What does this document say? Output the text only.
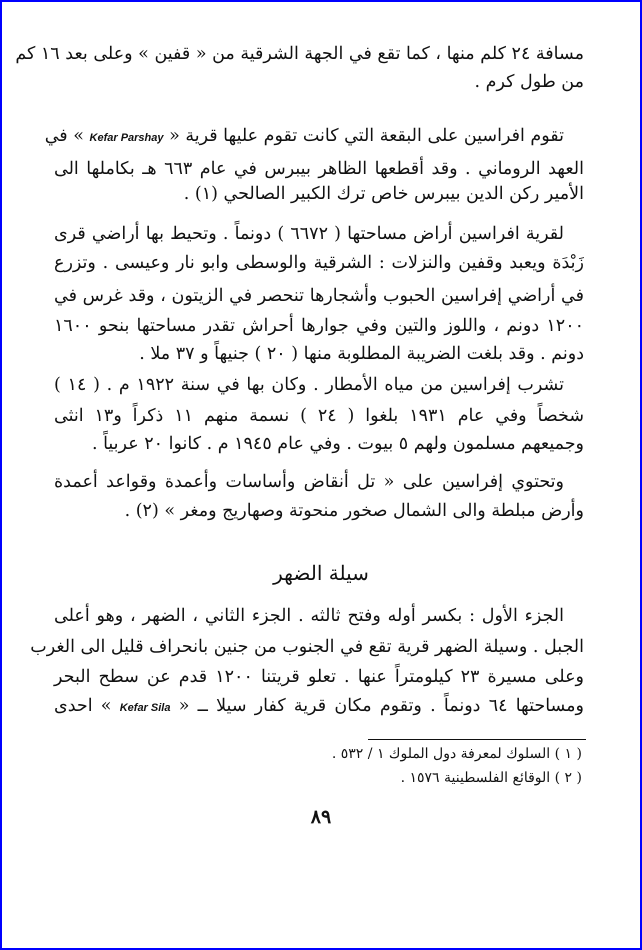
مسافة ٢٤ كلم منها ، كما تقع في الجهة الشرقية من « قفين » وعلى بعد ١٦ كم
من طول كرم .
تقوم افراسين على البقعة التي كانت تقوم عليها قرية « Kefar Parshay » في
العهد الروماني . وقد أقطعها الظاهر بيبرس في عام ٦٦٣ هـ بكاملها الى
الأمير ركن الدين بيبرس خاص ترك الكبير الصالحي (١) .
لقرية افراسين أراض مساحتها ( ٦٦٧٢ ) دونماً . وتحيط بها أراضي قرى
زَبْدَة ويعبد وقفين والنزلات : الشرقية والوسطى وابو نار وعيسى . وتزرع
في أراضي إفراسين الحبوب وأشجارها تنحصر في الزيتون ، وقد غرس في
١٢٠٠ دونم ، واللوز والتين وفي جوارها أحراش تقدر مساحتها بنحو ١٦٠٠
دونم . وقد بلغت الضريبة المطلوبة منها ( ٢٠ ) جنيهاً و ٣٧ ملا .
تشرب إفراسين من مياه الأمطار . وكان بها في سنة ١٩٢٢ م . ( ١٤ )
شخصاً وفي عام ١٩٣١ بلغوا ( ٢٤ ) نسمة منهم ١١ ذكراً و١٣ انثى
وجميعهم مسلمون ولهم ٥ بيوت . وفي عام ١٩٤٥ م . كانوا ٢٠ عربياً .
وتحتوي إفراسين على « تل أنقاض وأساسات وأعمدة وقواعد أعمدة
وأرض مبلطة والى الشمال صخور منحوتة وصهاريج ومغر » (٢) .
سيلة الضهر
الجزء الأول : بكسر أوله وفتح ثالثه . الجزء الثاني ، الضهر ، وهو أعلى
الجبل . وسيلة الضهر قرية تقع في الجنوب من جنين بانحراف قليل الى الغرب
وعلى مسيرة ٢٣ كيلومتراً عنها . تعلو قريتنا ١٢٠٠ قدم عن سطح البحر
ومساحتها ٦٤ دونماً . وتقوم مكان قرية كفار سيلا ــ « Kefar Sila » احدى
( ١ ) السلوك لمعرفة دول الملوك ١ / ٥٣٢ .
( ٢ ) الوقائع الفلسطينية ١٥٧٦ .
٨٩
